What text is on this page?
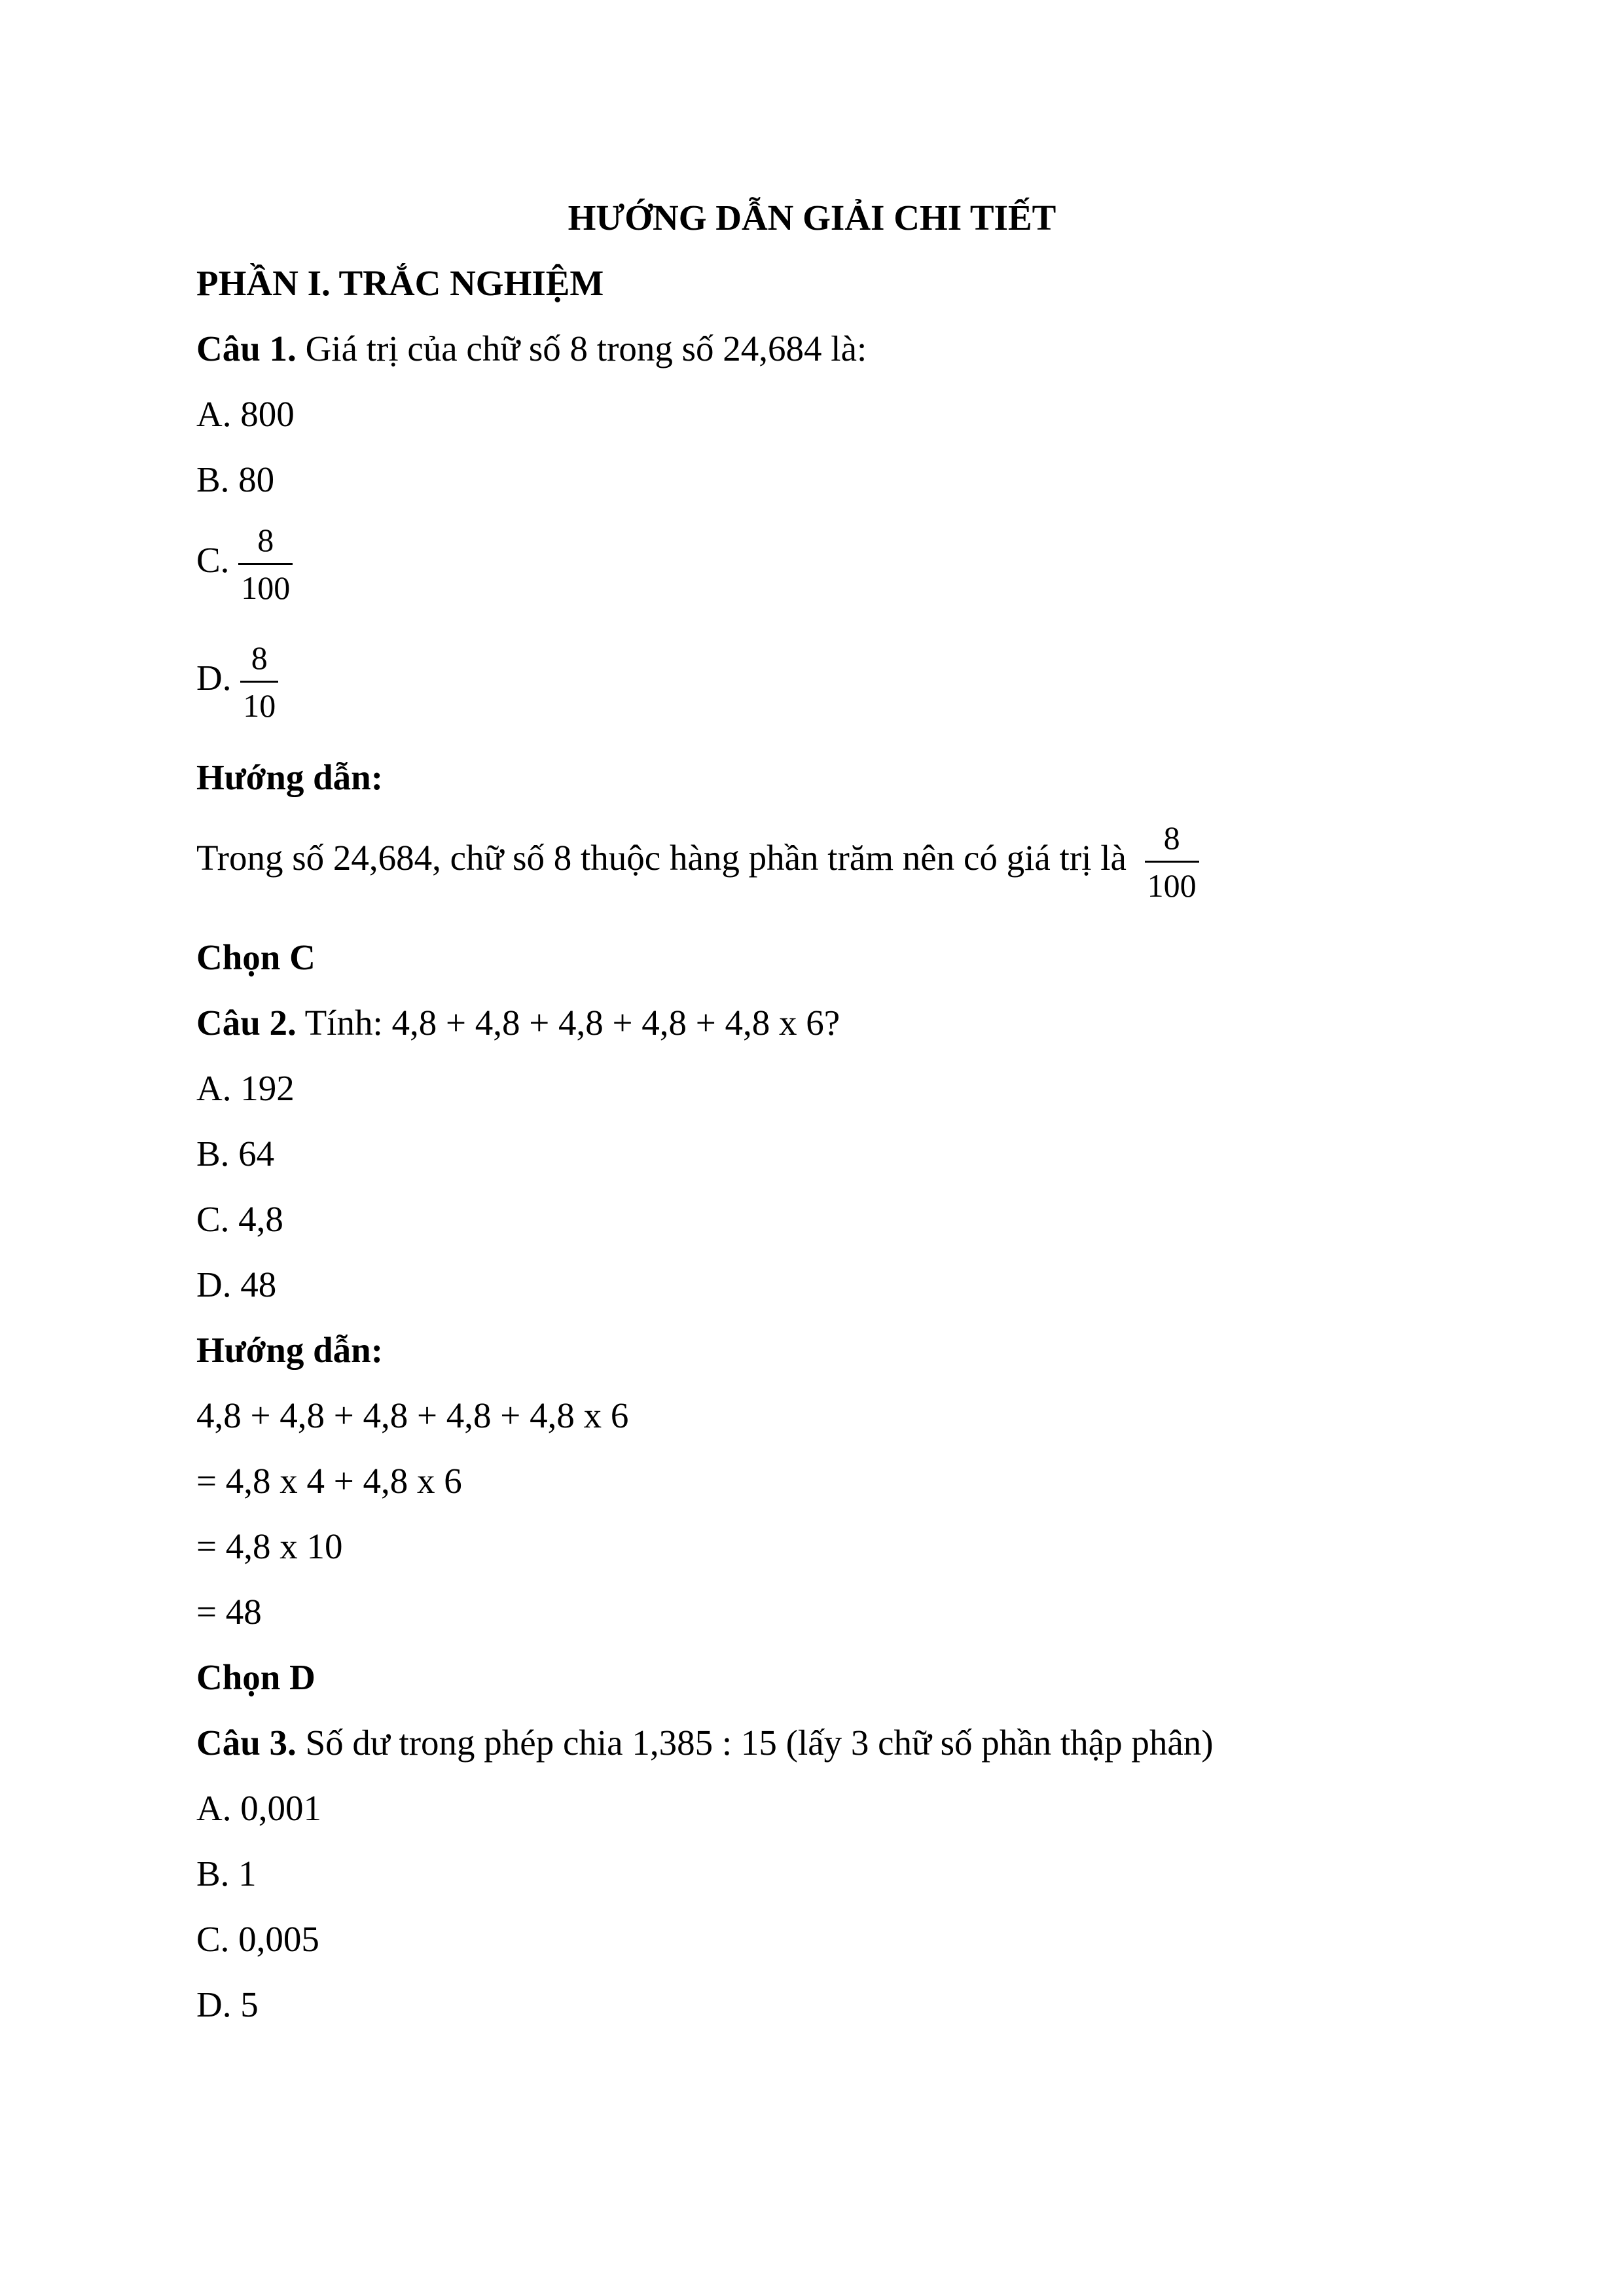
HƯỚNG DẪN GIẢI CHI TIẾT
PHẦN I. TRẮC NGHIỆM
Câu 1. Giá trị của chữ số 8 trong số 24,684 là:
A. 800
B. 80
C. $\frac{8}{100}$
D. $\frac{8}{10}$
Hướng dẫn:
Trong số 24,684, chữ số 8 thuộc hàng phần trăm nên có giá trị là $\frac{8}{100}$
Chọn C
Câu 2. Tính: 4,8 + 4,8 + 4,8 + 4,8 + 4,8 x 6?
A. 192
B. 64
C. 4,8
D. 48
Hướng dẫn:
4,8 + 4,8 + 4,8 + 4,8 + 4,8 x 6
= 4,8 x 4 + 4,8 x 6
= 4,8 x 10
= 48
Chọn D
Câu 3. Số dư trong phép chia 1,385 : 15 (lấy 3 chữ số phần thập phân)
A. 0,001
B. 1
C. 0,005
D. 5
